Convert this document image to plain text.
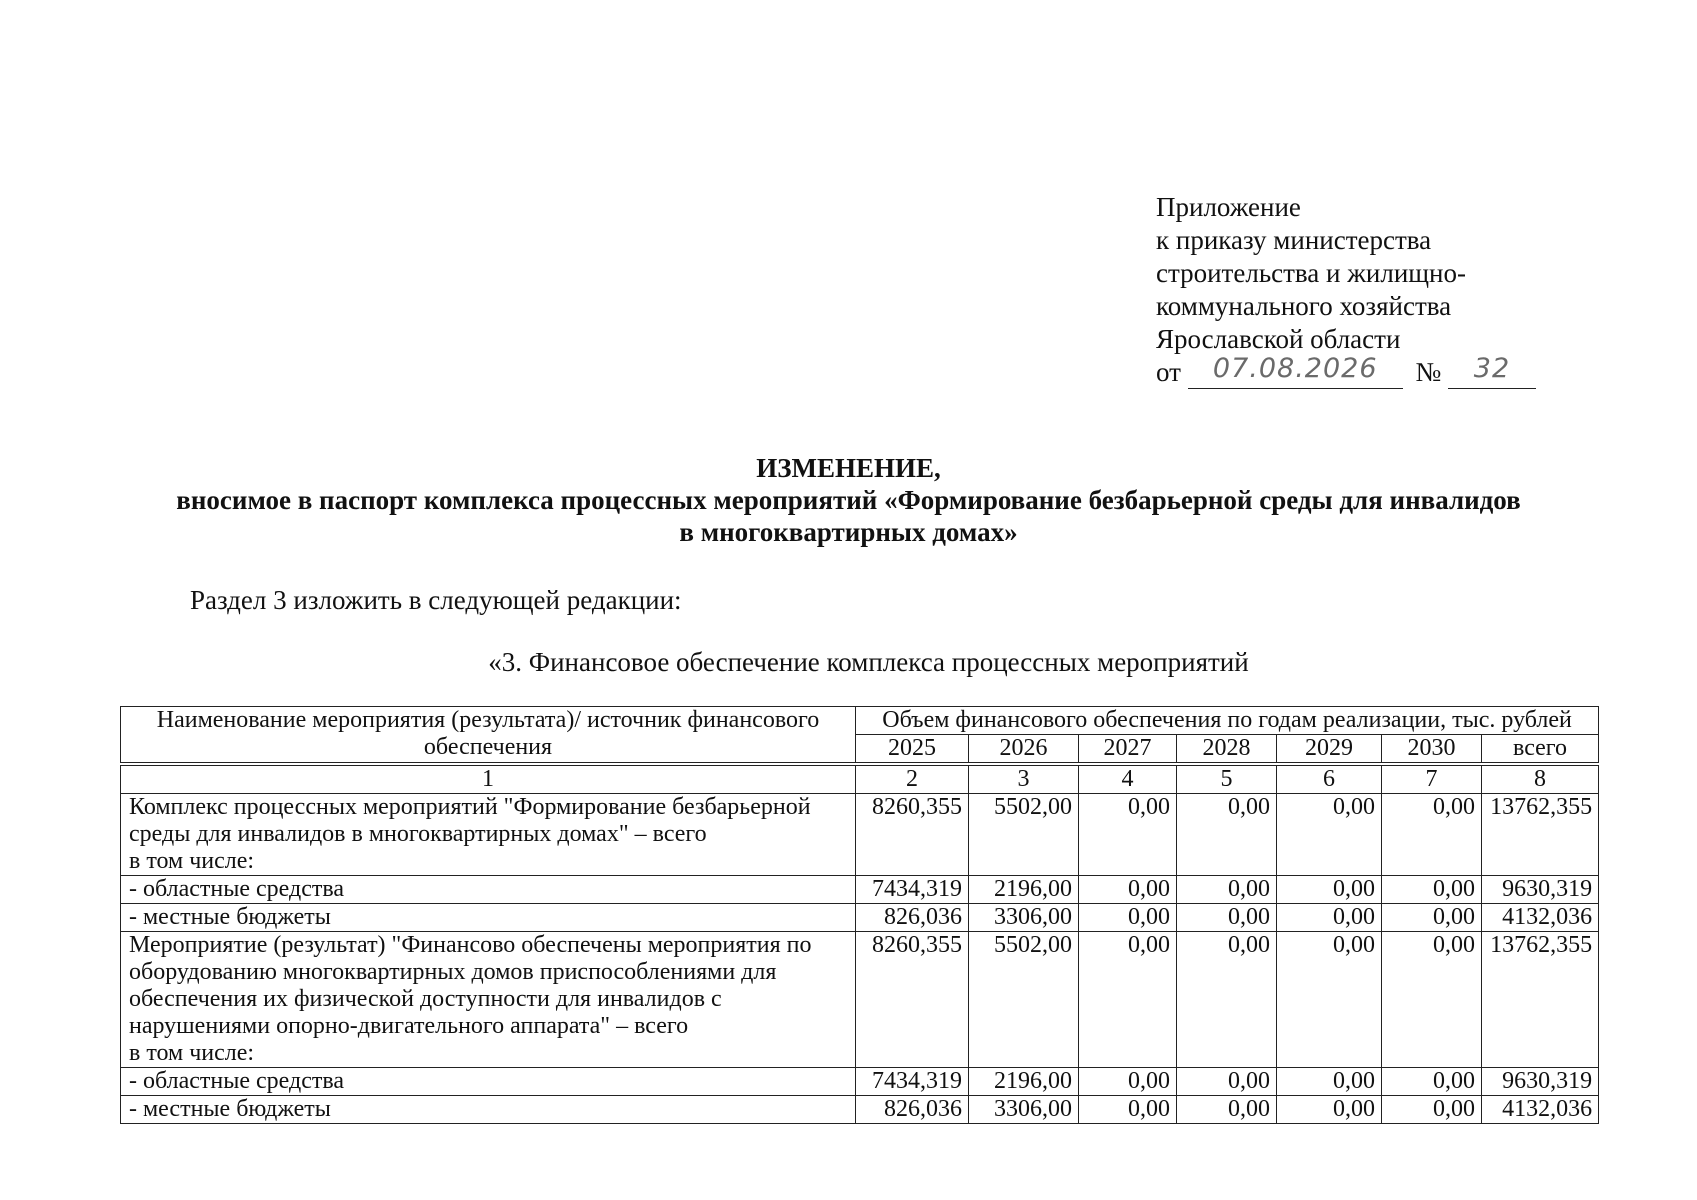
Приложение
к приказу министерства
строительства и жилищно-
коммунального хозяйства
Ярославской области
от 07.08.2026 № 32
ИЗМЕНЕНИЕ,
вносимое в паспорт комплекса процессных мероприятий «Формирование безбарьерной среды для инвалидов
в многоквартирных домах»
Раздел 3 изложить в следующей редакции:
«3. Финансовое обеспечение комплекса процессных мероприятий
Наименование мероприятия (результата)/ источник финансового обеспечения	Объем финансового обеспечения по годам реализации, тыс. рублей						
	2025	2026	2027	2028	2029	2030	всего

1	2	3	4	5	6	7	8
Комплекс процессных мероприятий "Формирование безбарьерной среды для инвалидов в многоквартирных домах" – всего
в том числе:	8260,355	5502,00	0,00	0,00	0,00	0,00	13762,355
- областные средства	7434,319	2196,00	0,00	0,00	0,00	0,00	9630,319
- местные бюджеты	826,036	3306,00	0,00	0,00	0,00	0,00	4132,036
Мероприятие (результат) "Финансово обеспечены мероприятия по оборудованию многоквартирных домов приспособлениями для обеспечения их физической доступности для инвалидов с нарушениями опорно-двигательного аппарата" – всего
в том числе:	8260,355	5502,00	0,00	0,00	0,00	0,00	13762,355
- областные средства	7434,319	2196,00	0,00	0,00	0,00	0,00	9630,319
- местные бюджеты	826,036	3306,00	0,00	0,00	0,00	0,00	4132,036
